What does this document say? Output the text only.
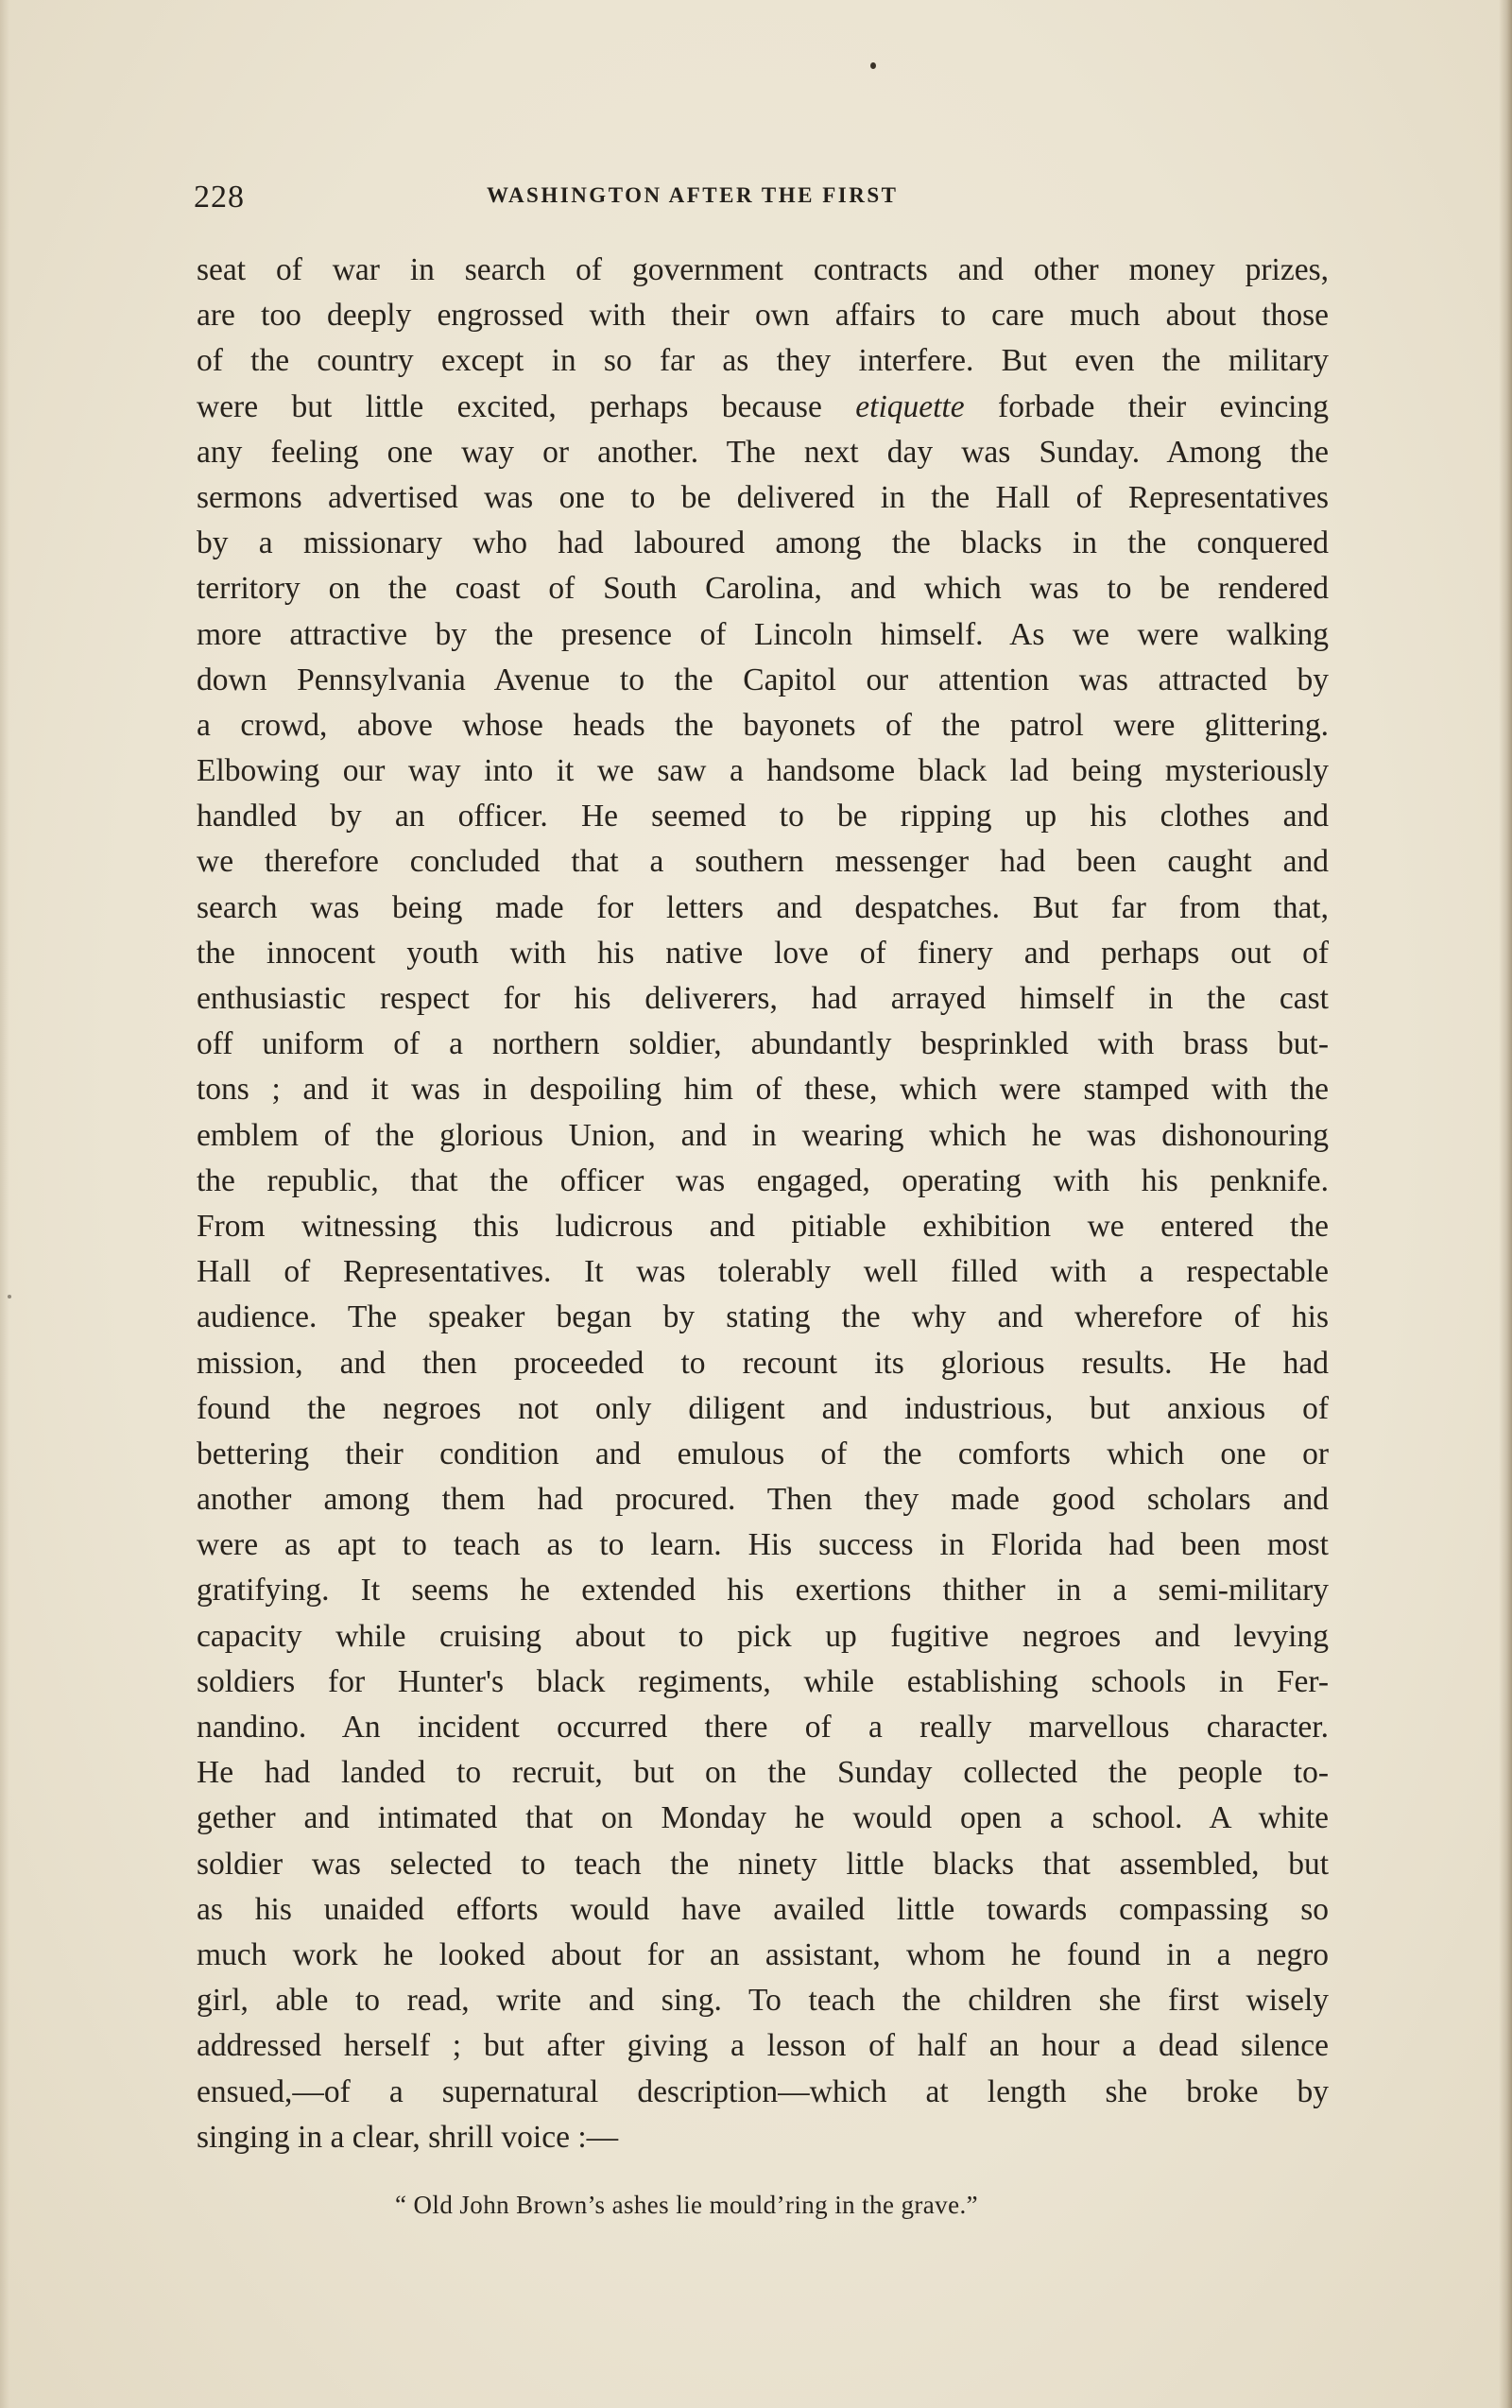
228	WASHINGTON AFTER THE FIRST
seat of war in search of government contracts and other money prizes,
are too deeply engrossed with their own affairs to care much about those
of the country except in so far as they interfere. But even the military
were but little excited, perhaps because etiquette forbade their evincing
any feeling one way or another. The next day was Sunday. Among the
sermons advertised was one to be delivered in the Hall of Representatives
by a missionary who had laboured among the blacks in the conquered
territory on the coast of South Carolina, and which was to be rendered
more attractive by the presence of Lincoln himself. As we were walking
down Pennsylvania Avenue to the Capitol our attention was attracted by
a crowd, above whose heads the bayonets of the patrol were glittering.
Elbowing our way into it we saw a handsome black lad being mysteriously
handled by an officer. He seemed to be ripping up his clothes and
we therefore concluded that a southern messenger had been caught and
search was being made for letters and despatches. But far from that,
the innocent youth with his native love of finery and perhaps out of
enthusiastic respect for his deliverers, had arrayed himself in the cast
off uniform of a northern soldier, abundantly besprinkled with brass but-
tons ; and it was in despoiling him of these, which were stamped with the
emblem of the glorious Union, and in wearing which he was dishonouring
the republic, that the officer was engaged, operating with his penknife.
From witnessing this ludicrous and pitiable exhibition we entered the
Hall of Representatives. It was tolerably well filled with a respectable
audience. The speaker began by stating the why and wherefore of his
mission, and then proceeded to recount its glorious results. He had
found the negroes not only diligent and industrious, but anxious of
bettering their condition and emulous of the comforts which one or
another among them had procured. Then they made good scholars and
were as apt to teach as to learn. His success in Florida had been most
gratifying. It seems he extended his exertions thither in a semi-military
capacity while cruising about to pick up fugitive negroes and levying
soldiers for Hunter's black regiments, while establishing schools in Fer-
nandino. An incident occurred there of a really marvellous character.
He had landed to recruit, but on the Sunday collected the people to-
gether and intimated that on Monday he would open a school. A white
soldier was selected to teach the ninety little blacks that assembled, but
as his unaided efforts would have availed little towards compassing so
much work he looked about for an assistant, whom he found in a negro
girl, able to read, write and sing. To teach the children she first wisely
addressed herself ; but after giving a lesson of half an hour a dead silence
ensued,—of a supernatural description—which at length she broke by
singing in a clear, shrill voice :—
“ Old John Brown’s ashes lie mould’ring in the grave.”
